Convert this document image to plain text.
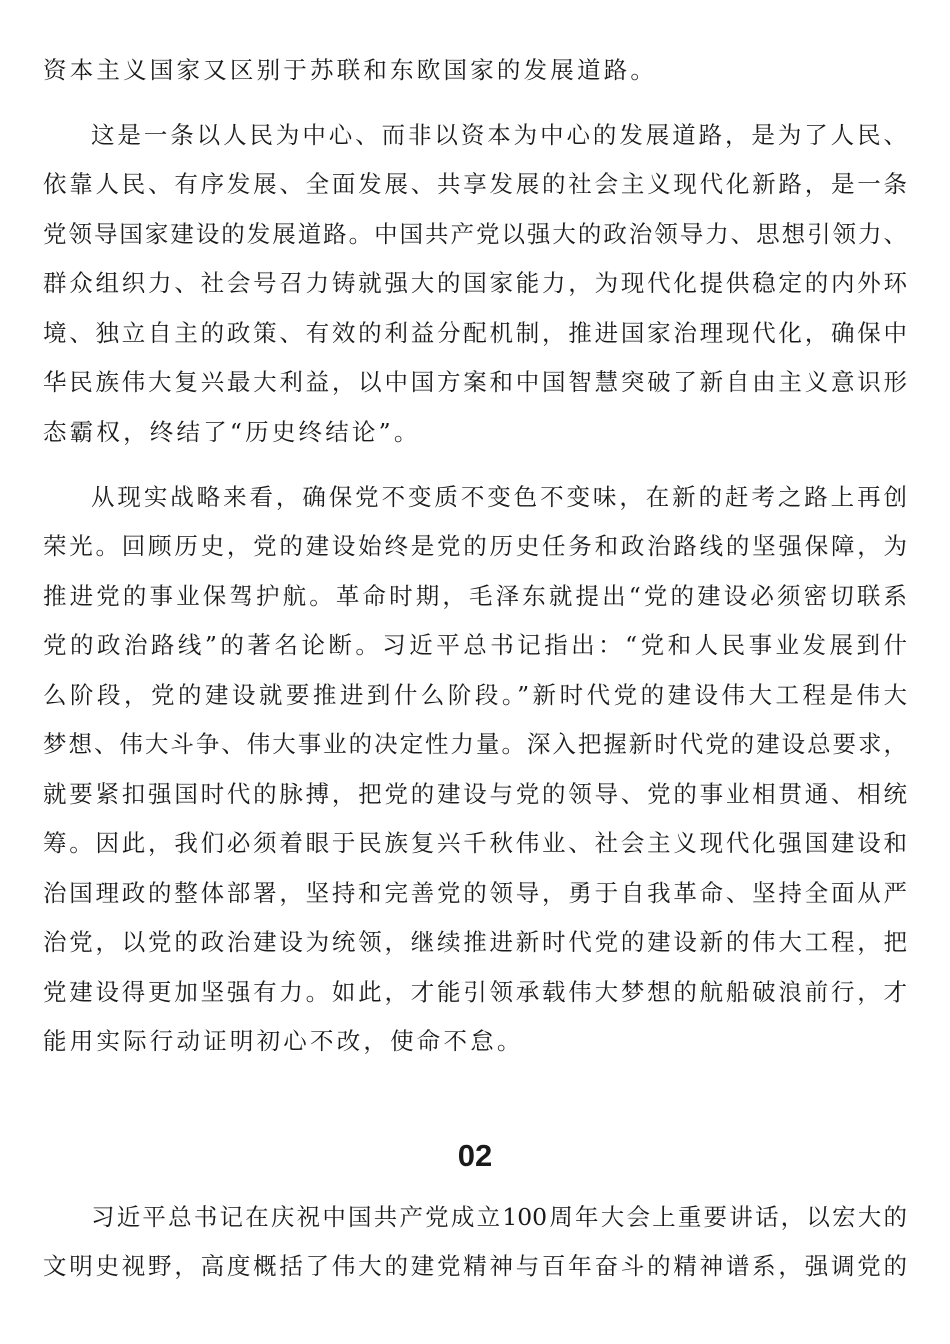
资本主义国家又区别于苏联和东欧国家的发展道路。
这是一条以人民为中心、而非以资本为中心的发展道路，是为了人民、
依靠人民、有序发展、全面发展、共享发展的社会主义现代化新路，是一条
党领导国家建设的发展道路。中国共产党以强大的政治领导力、思想引领力、
群众组织力、社会号召力铸就强大的国家能力，为现代化提供稳定的内外环
境、独立自主的政策、有效的利益分配机制，推进国家治理现代化，确保中
华民族伟大复兴最大利益，以中国方案和中国智慧突破了新自由主义意识形
态霸权，终结了“历史终结论”。
从现实战略来看，确保党不变质不变色不变味，在新的赶考之路上再创
荣光。回顾历史，党的建设始终是党的历史任务和政治路线的坚强保障，为
推进党的事业保驾护航。革命时期，毛泽东就提出“党的建设必须密切联系
党的政治路线”的著名论断。习近平总书记指出：“党和人民事业发展到什
么阶段，党的建设就要推进到什么阶段。”新时代党的建设伟大工程是伟大
梦想、伟大斗争、伟大事业的决定性力量。深入把握新时代党的建设总要求，
就要紧扣强国时代的脉搏，把党的建设与党的领导、党的事业相贯通、相统
筹。因此，我们必须着眼于民族复兴千秋伟业、社会主义现代化强国建设和
治国理政的整体部署，坚持和完善党的领导，勇于自我革命、坚持全面从严
治党，以党的政治建设为统领，继续推进新时代党的建设新的伟大工程，把
党建设得更加坚强有力。如此，才能引领承载伟大梦想的航船破浪前行，才
能用实际行动证明初心不改，使命不怠。
02
习近平总书记在庆祝中国共产党成立100周年大会上重要讲话，以宏大的
文明史视野，高度概括了伟大的建党精神与百年奋斗的精神谱系，强调党的
